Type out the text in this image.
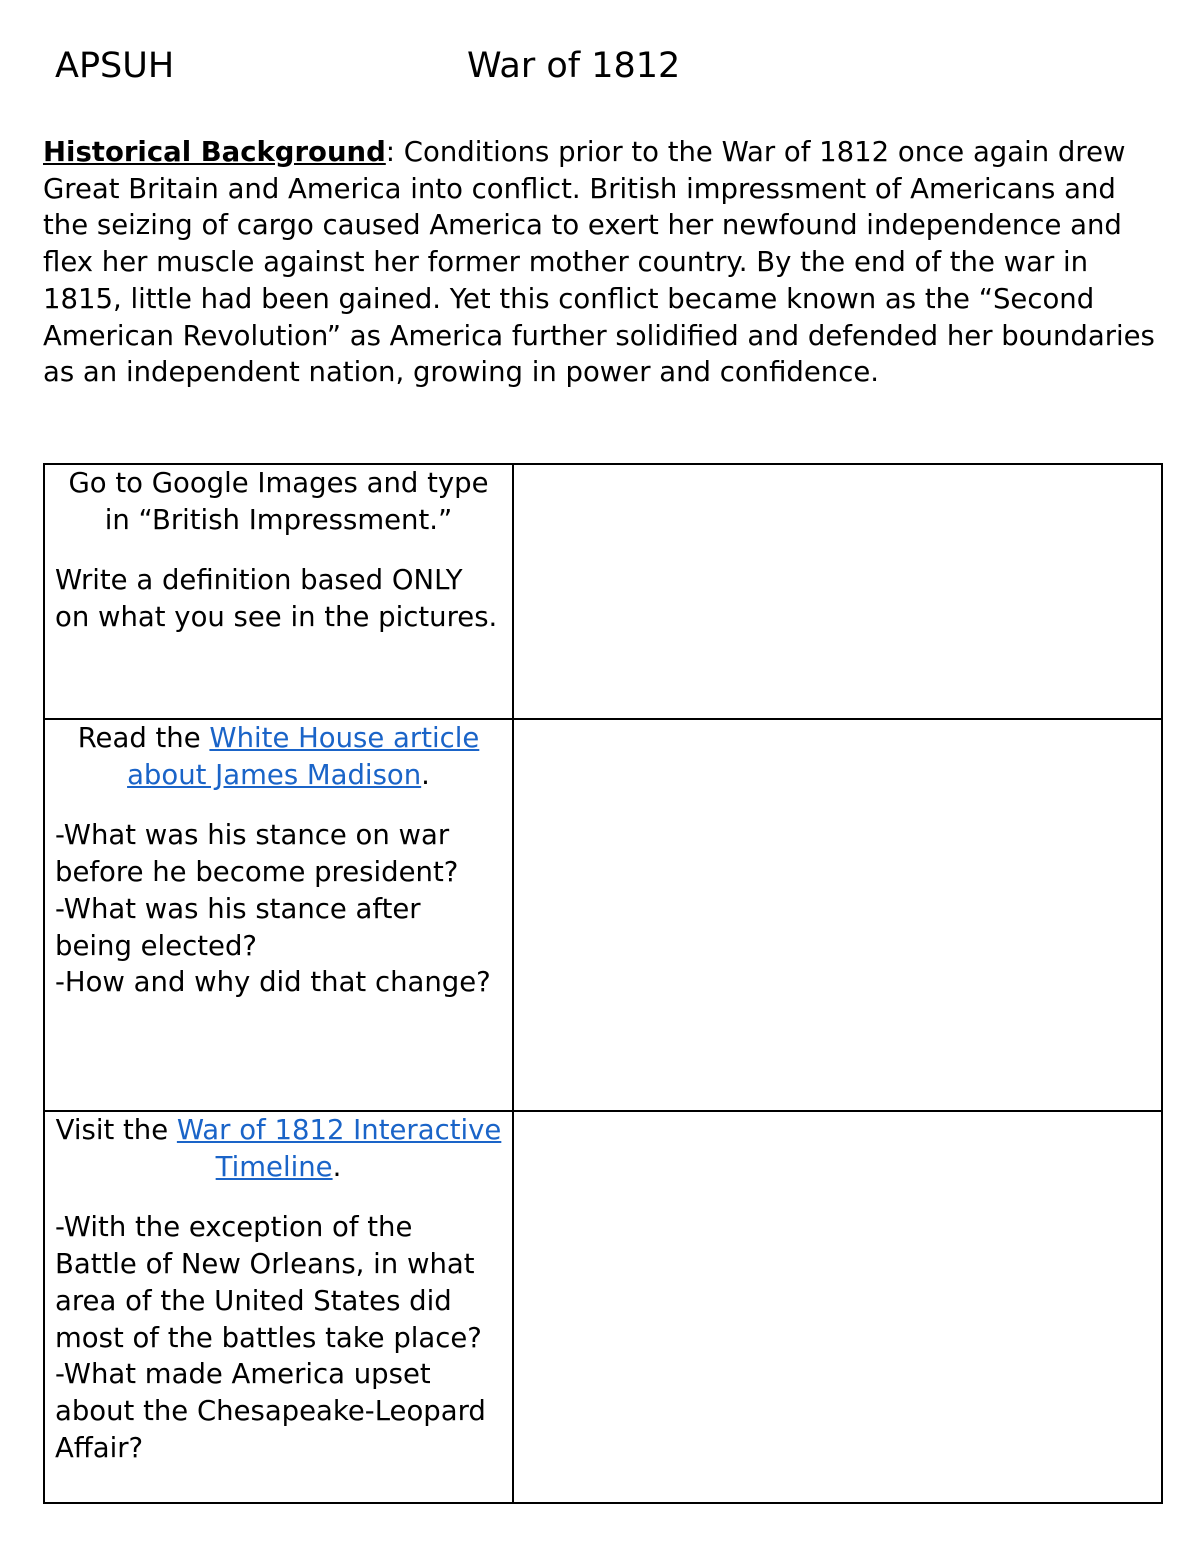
APSUH	War of 1812
Historical Background: Conditions prior to the War of 1812 once again drew Great Britain and America into conflict. British impressment of Americans and the seizing of cargo caused America to exert her newfound independence and flex her muscle against her former mother country. By the end of the war in 1815, little had been gained. Yet this conflict became known as the “Second American Revolution” as America further solidified and defended her boundaries as an independent nation, growing in power and confidence.

Go to Google Images and type in “British Impressment.”

Write a definition based ONLY on what you see in the pictures.	

Read the White House article about James Madison.

-What was his stance on war before he become president?

-What was his stance after being elected?

-How and why did that change?	

Visit the War of 1812 Interactive Timeline.

-With the exception of the Battle of New Orleans, in what area of the United States did most of the battles take place?

-What made America upset about the Chesapeake-Leopard Affair?	
